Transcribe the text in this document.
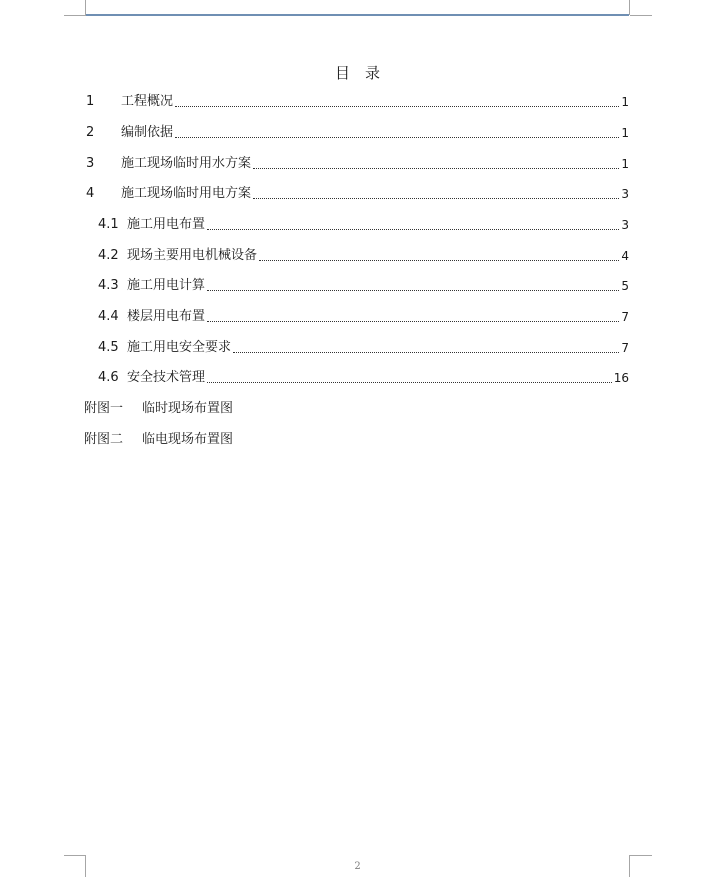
目　录
1	工程概况	1
2	编制依据	1
3	施工现场临时用水方案	1
4	施工现场临时用电方案	3
4.1 施工用电布置	3
4.2 现场主要用电机械设备	4
4.3 施工用电计算	5
4.4 楼层用电布置	7
4.5 施工用电安全要求	7
4.6 安全技术管理	16
附图一	临时现场布置图
附图二	临电现场布置图
2
